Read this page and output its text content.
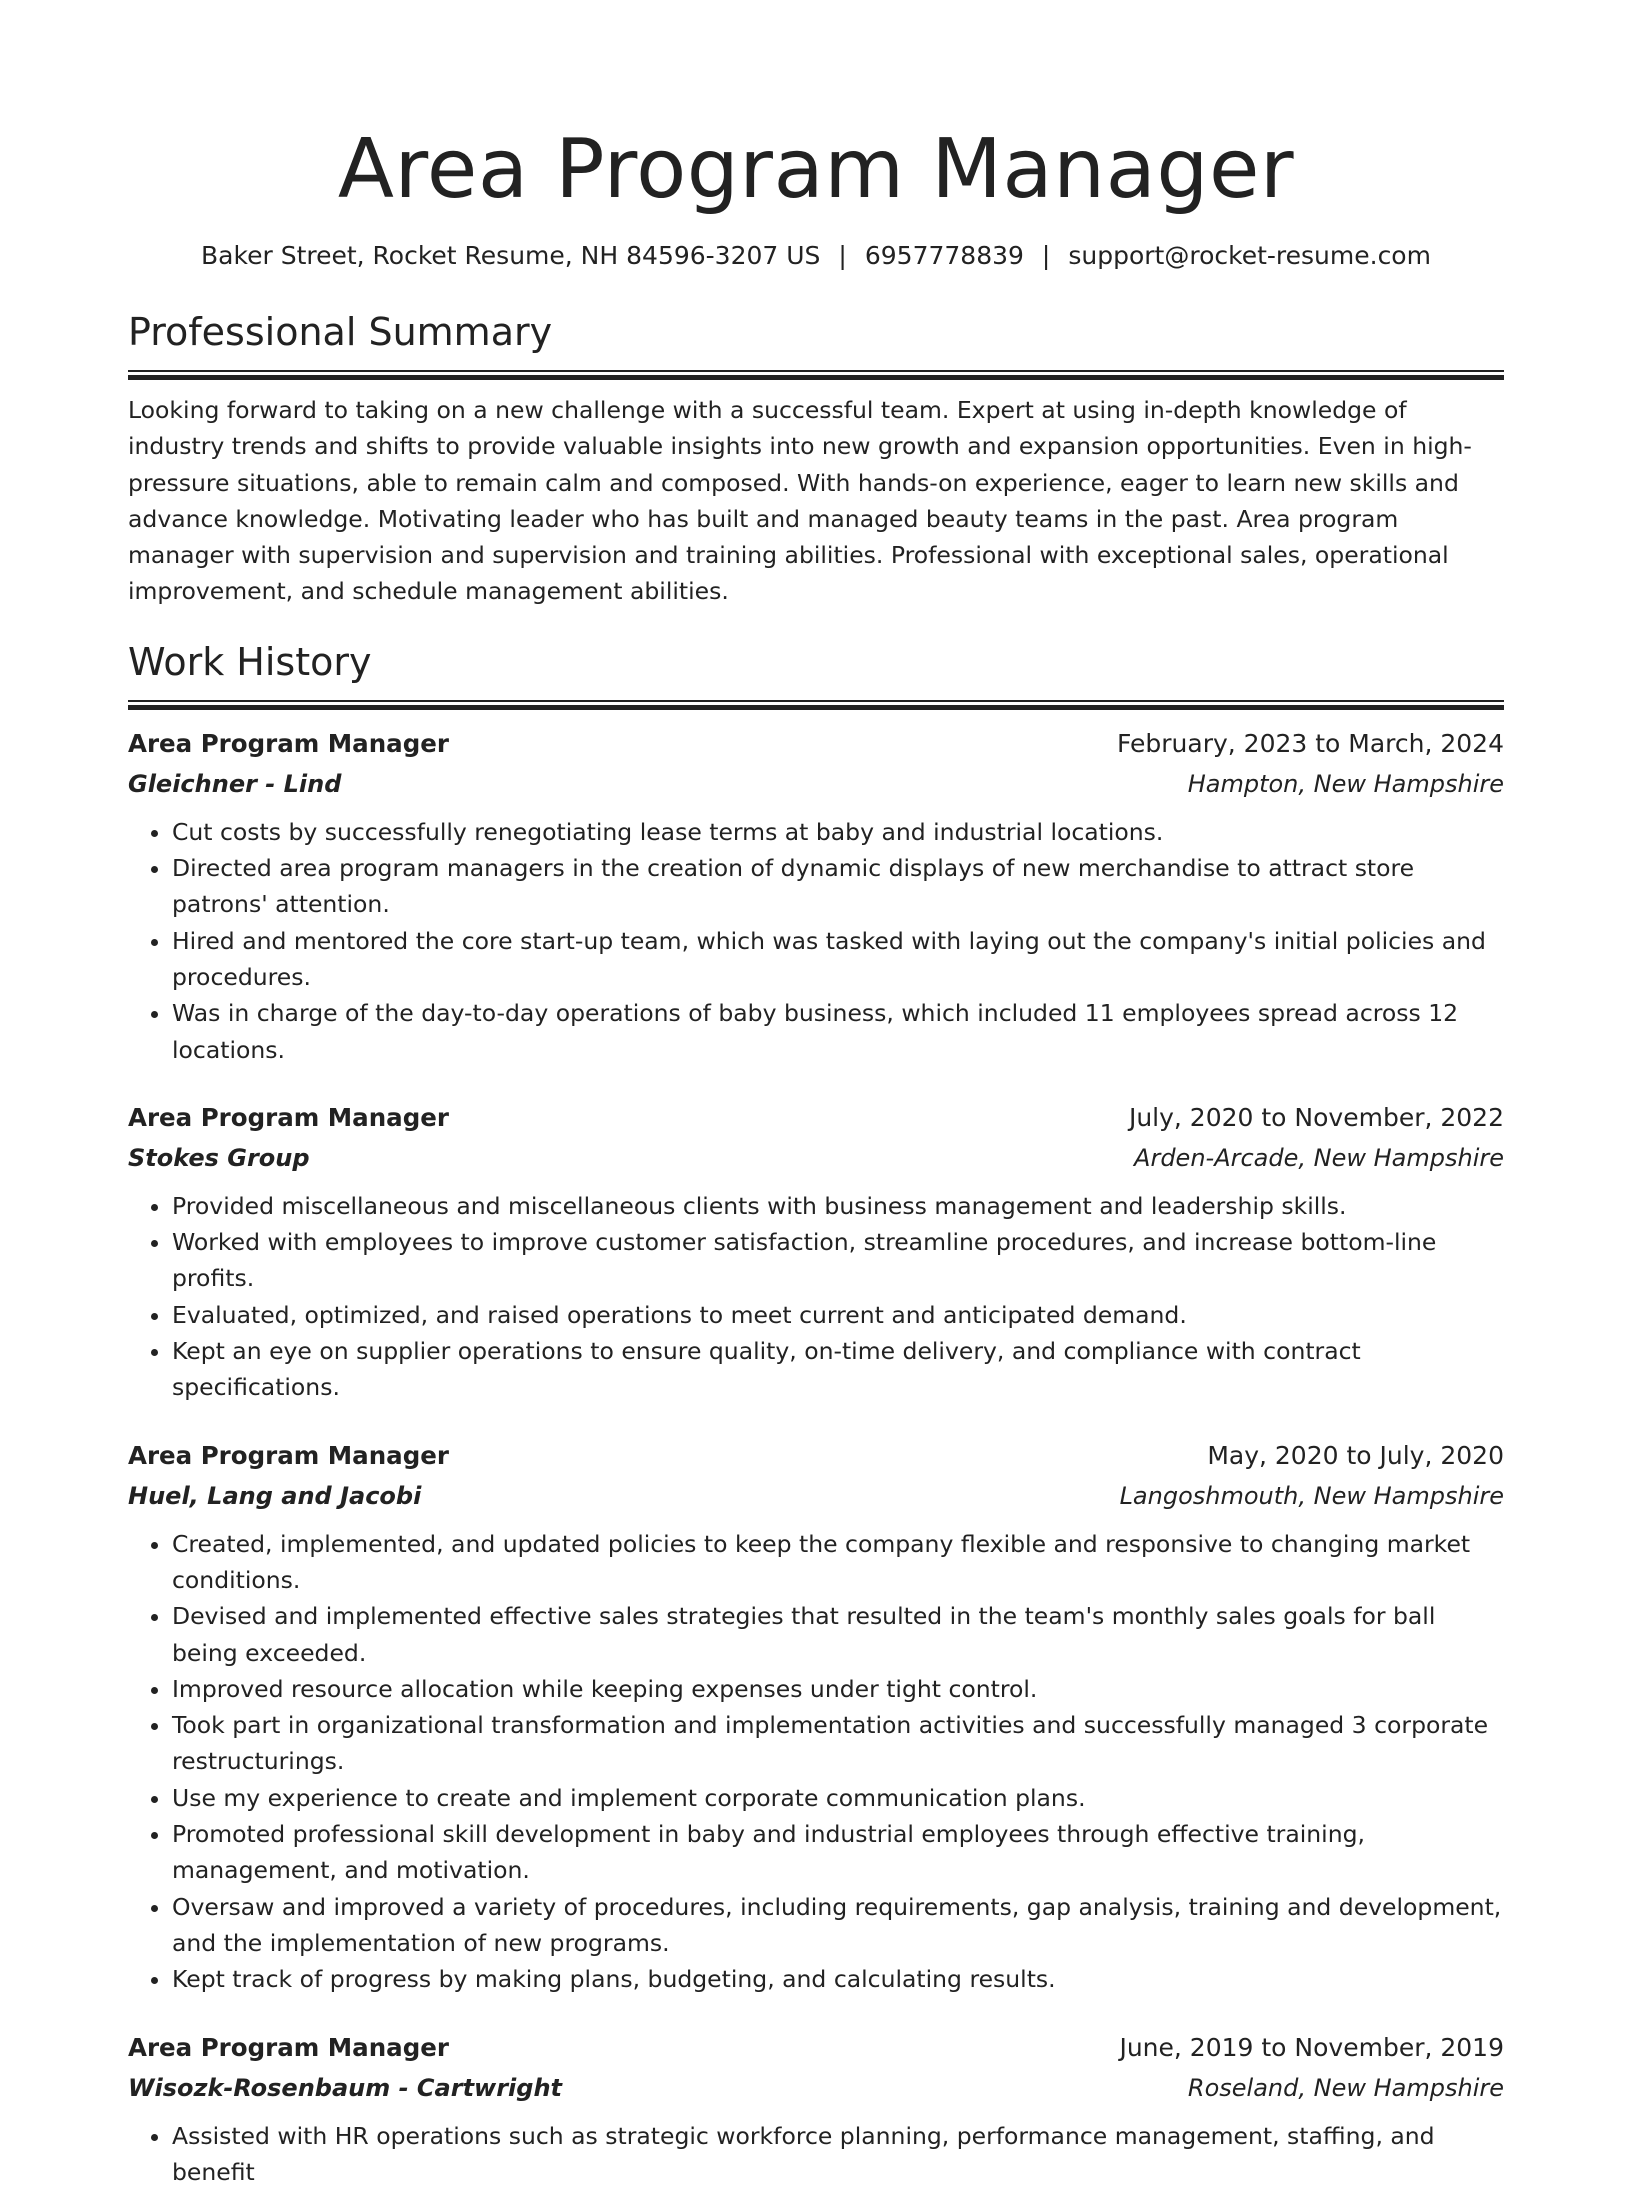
Area Program Manager
Baker Street, Rocket Resume, NH 84596-3207 US | 6957778839 | support@rocket-resume.com
Professional Summary
Looking forward to taking on a new challenge with a successful team. Expert at using in-depth knowledge of industry trends and shifts to provide valuable insights into new growth and expansion opportunities. Even in high-pressure situations, able to remain calm and composed. With hands-on experience, eager to learn new skills and advance knowledge. Motivating leader who has built and managed beauty teams in the past. Area program manager with supervision and supervision and training abilities. Professional with exceptional sales, operational improvement, and schedule management abilities.
Work History
Area Program Manager	February, 2023 to March, 2024
Gleichner - Lind	Hampton, New Hampshire
• Cut costs by successfully renegotiating lease terms at baby and industrial locations.
• Directed area program managers in the creation of dynamic displays of new merchandise to attract store patrons' attention.
• Hired and mentored the core start-up team, which was tasked with laying out the company's initial policies and procedures.
• Was in charge of the day-to-day operations of baby business, which included 11 employees spread across 12 locations.
Area Program Manager	July, 2020 to November, 2022
Stokes Group	Arden-Arcade, New Hampshire
• Provided miscellaneous and miscellaneous clients with business management and leadership skills.
• Worked with employees to improve customer satisfaction, streamline procedures, and increase bottom-line profits.
• Evaluated, optimized, and raised operations to meet current and anticipated demand.
• Kept an eye on supplier operations to ensure quality, on-time delivery, and compliance with contract specifications.
Area Program Manager	May, 2020 to July, 2020
Huel, Lang and Jacobi	Langoshmouth, New Hampshire
• Created, implemented, and updated policies to keep the company flexible and responsive to changing market conditions.
• Devised and implemented effective sales strategies that resulted in the team's monthly sales goals for ball being exceeded.
• Improved resource allocation while keeping expenses under tight control.
• Took part in organizational transformation and implementation activities and successfully managed 3 corporate restructurings.
• Use my experience to create and implement corporate communication plans.
• Promoted professional skill development in baby and industrial employees through effective training, management, and motivation.
• Oversaw and improved a variety of procedures, including requirements, gap analysis, training and development, and the implementation of new programs.
• Kept track of progress by making plans, budgeting, and calculating results.
Area Program Manager	June, 2019 to November, 2019
Wisozk-Rosenbaum - Cartwright	Roseland, New Hampshire
• Assisted with HR operations such as strategic workforce planning, performance management, staffing, and benefit
